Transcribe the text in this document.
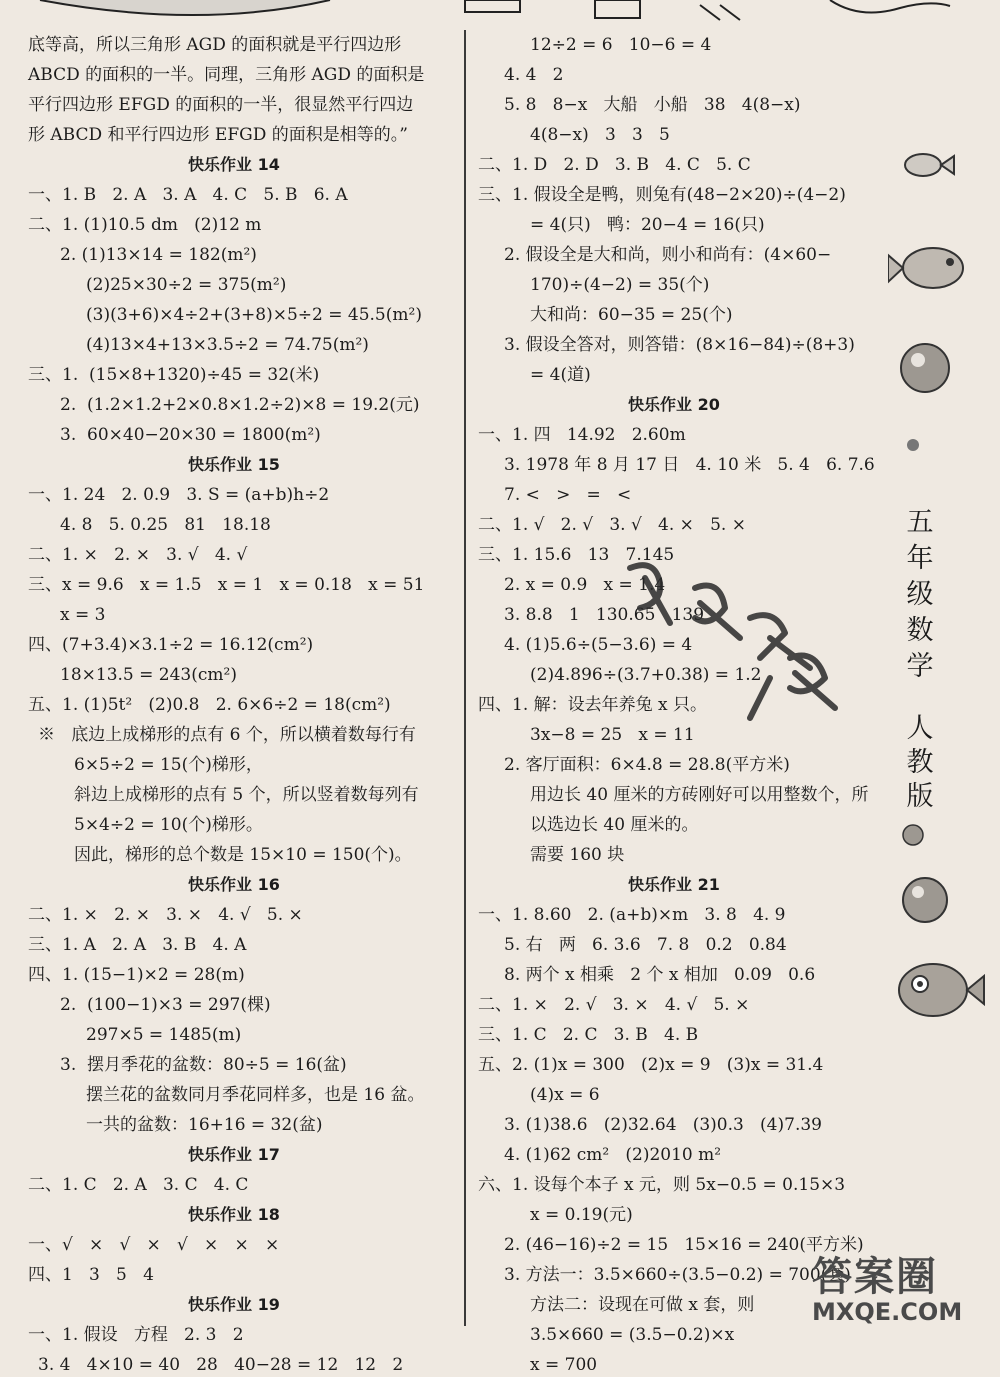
底等高，所以三角形 AGD 的面积就是平行四边形
ABCD 的面积的一半。同理，三角形 AGD 的面积是
平行四边形 EFGD 的面积的一半，很显然平行四边
形 ABCD 和平行四边形 EFGD 的面积是相等的。”
快乐作业 14
一、1. B   2. A   3. A   4. C   5. B   6. A
二、1. (1)10.5 dm   (2)12 m
2. (1)13×14 = 182(m²)
(2)25×30÷2 = 375(m²)
(3)(3+6)×4÷2+(3+8)×5÷2 = 45.5(m²)
(4)13×4+13×3.5÷2 = 74.75(m²)
三、1.  (15×8+1320)÷45 = 32(米)
2.  (1.2×1.2+2×0.8×1.2÷2)×8 = 19.2(元)
3.  60×40−20×30 = 1800(m²)
快乐作业 15
一、1. 24   2. 0.9   3. S = (a+b)h÷2
4. 8   5. 0.25   81   18.18
二、1. ×   2. ×   3. √   4. √
三、x = 9.6   x = 1.5   x = 1   x = 0.18   x = 51
x = 3
四、(7+3.4)×3.1÷2 = 16.12(cm²)
18×13.5 = 243(cm²)
五、1. (1)5t²   (2)0.8   2. 6×6÷2 = 18(cm²)
※   底边上成梯形的点有 6 个，所以横着数每行有
6×5÷2 = 15(个)梯形，
斜边上成梯形的点有 5 个，所以竖着数每列有
5×4÷2 = 10(个)梯形。
因此，梯形的总个数是 15×10 = 150(个)。
快乐作业 16
二、1. ×   2. ×   3. ×   4. √   5. ×
三、1. A   2. A   3. B   4. A
四、1. (15−1)×2 = 28(m)
2.  (100−1)×3 = 297(棵)
297×5 = 1485(m)
3.  摆月季花的盆数：80÷5 = 16(盆)
摆兰花的盆数同月季花同样多，也是 16 盆。
一共的盆数：16+16 = 32(盆)
快乐作业 17
二、1. C   2. A   3. C   4. C
快乐作业 18
一、√   ×   √   ×   √   ×   ×   ×
四、1   3   5   4
快乐作业 19
一、1. 假设   方程   2. 3   2
3. 4   4×10 = 40   28   40−28 = 12   12   2
12÷2 = 6   10−6 = 4
4. 4   2
5. 8   8−x   大船   小船   38   4(8−x)
4(8−x)   3   3   5
二、1. D   2. D   3. B   4. C   5. C
三、1. 假设全是鸭，则兔有(48−2×20)÷(4−2)
= 4(只)   鸭：20−4 = 16(只)
2. 假设全是大和尚，则小和尚有：(4×60−
170)÷(4−2) = 35(个)
大和尚：60−35 = 25(个)
3. 假设全答对，则答错：(8×16−84)÷(8+3)
= 4(道)
快乐作业 20
一、1. 四   14.92   2.60m
3. 1978 年 8 月 17 日   4. 10 米   5. 4   6. 7.6
7. <   >   =   <
二、1. √   2. √   3. √   4. ×   5. ×
三、1. 15.6   13   7.145
2. x = 0.9   x = 1.4
3. 8.8   1   130.65   139
4. (1)5.6÷(5−3.6) = 4
(2)4.896÷(3.7+0.38) = 1.2
四、1. 解：设去年养兔 x 只。
3x−8 = 25   x = 11
2. 客厅面积：6×4.8 = 28.8(平方米)
用边长 40 厘米的方砖刚好可以用整数个，所
以选边长 40 厘米的。
需要 160 块
快乐作业 21
一、1. 8.60   2. (a+b)×m   3. 8   4. 9
5. 右   两   6. 3.6   7. 8   0.2   0.84
8. 两个 x 相乘   2 个 x 相加   0.09   0.6
二、1. ×   2. √   3. ×   4. √   5. ×
三、1. C   2. C   3. B   4. B
五、2. (1)x = 300   (2)x = 9   (3)x = 31.4
(4)x = 6
3. (1)38.6   (2)32.64   (3)0.3   (4)7.39
4. (1)62 cm²   (2)2010 m²
六、1. 设每个本子 x 元，则 5x−0.5 = 0.15×3
x = 0.19(元)
2. (46−16)÷2 = 15   15×16 = 240(平方米)
3. 方法一：3.5×660÷(3.5−0.2) = 700(套)
方法二：设现在可做 x 套，则
3.5×660 = (3.5−0.2)×x
x = 700
五年级数学
人教版
答案圈
MXQE.COM
